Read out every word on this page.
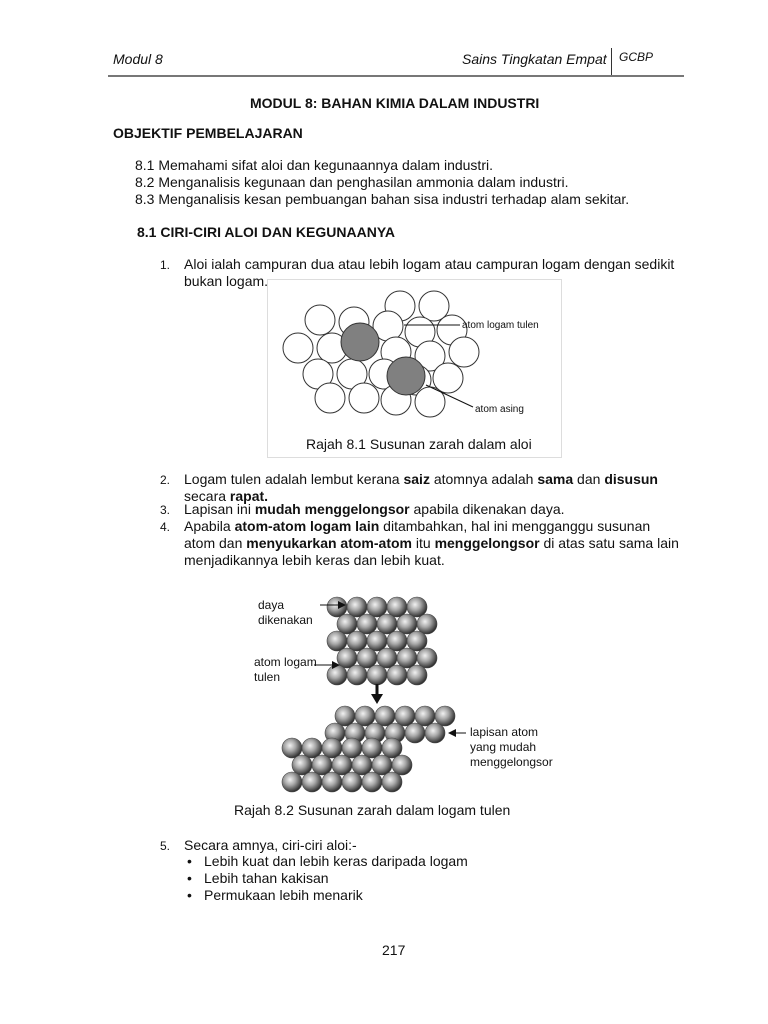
Modul 8	Sains Tingkatan Empat GCBP
MODUL 8: BAHAN KIMIA DALAM INDUSTRI
OBJEKTIF PEMBELAJARAN
8.1 Memahami sifat aloi dan kegunaannya dalam industri.
8.2 Menganalisis kegunaan dan penghasilan ammonia dalam industri.
8.3 Menganalisis kesan pembuangan bahan sisa industri terhadap alam sekitar.
8.1 CIRI-CIRI ALOI DAN KEGUNAANYA
1. Aloi ialah campuran dua atau lebih logam atau campuran logam dengan sedikit
bukan logam.
atom logam tulen
atom asing
Rajah 8.1 Susunan zarah dalam aloi
2. Logam tulen adalah lembut kerana saiz atomnya adalah sama dan disusun
secara rapat.
3. Lapisan ini mudah menggelongsor apabila dikenakan daya.
4. Apabila atom-atom logam lain ditambahkan, hal ini mengganggu susunan
atom dan menyukarkan atom-atom itu menggelongsor di atas satu sama lain
menjadikannya lebih keras dan lebih kuat.
daya
dikenakan
atom logam
tulen
lapisan atom
yang mudah
menggelongsor
Rajah 8.2 Susunan zarah dalam logam tulen
5. Secara amnya, ciri-ciri aloi:-
• Lebih kuat dan lebih keras daripada logam
• Lebih tahan kakisan
• Permukaan lebih menarik
217
